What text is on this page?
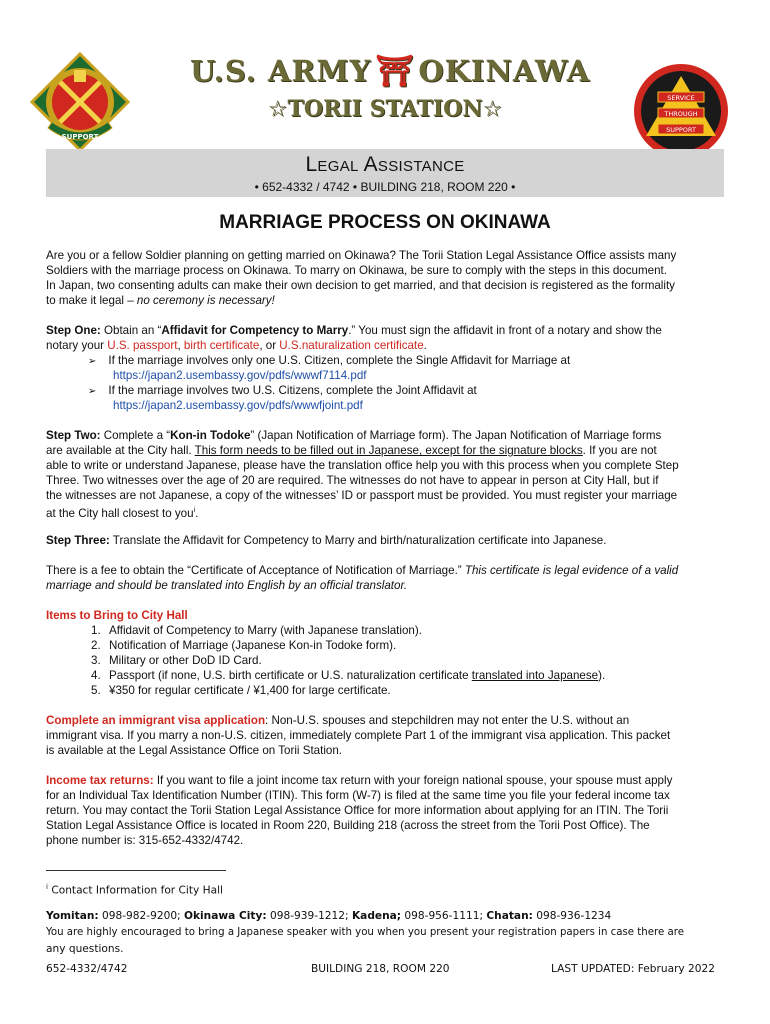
SUPPORT
SERVICE
THROUGH
SUPPORT
U.S. ARMY ⛩ OKINAWA
☆TORII STATION☆
Legal Assistance
• 652-4332 / 4742 • BUILDING 218, ROOM 220 •
MARRIAGE PROCESS ON OKINAWA
Are you or a fellow Soldier planning on getting married on Okinawa? The Torii Station Legal Assistance Office assists many
Soldiers with the marriage process on Okinawa. To marry on Okinawa, be sure to comply with the steps in this document.
In Japan, two consenting adults can make their own decision to get married, and that decision is registered as the formality
to make it legal – no ceremony is necessary!
Step One: Obtain an “Affidavit for Competency to Marry.” You must sign the affidavit in front of a notary and show the
notary your U.S. passport, birth certificate, or U.S.naturalization certificate.
➢ If the marriage involves only one U.S. Citizen, complete the Single Affidavit for Marriage at
https://japan2.usembassy.gov/pdfs/wwwf7114.pdf
➢ If the marriage involves two U.S. Citizens, complete the Joint Affidavit at
https://japan2.usembassy.gov/pdfs/wwwfjoint.pdf
Step Two: Complete a “Kon-in Todoke” (Japan Notification of Marriage form). The Japan Notification of Marriage forms
are available at the City hall. This form needs to be filled out in Japanese, except for the signature blocks. If you are not
able to write or understand Japanese, please have the translation office help you with this process when you complete Step
Three. Two witnesses over the age of 20 are required. The witnesses do not have to appear in person at City Hall, but if
the witnesses are not Japanese, a copy of the witnesses’ ID or passport must be provided. You must register your marriage
at the City hall closest to you$^i$.
Step Three: Translate the Affidavit for Competency to Marry and birth/naturalization certificate into Japanese.
There is a fee to obtain the “Certificate of Acceptance of Notification of Marriage.” This certificate is legal evidence of a valid
marriage and should be translated into English by an official translator.
Items to Bring to City Hall
1. Affidavit of Competency to Marry (with Japanese translation).
2. Notification of Marriage (Japanese Kon-in Todoke form).
3. Military or other DoD ID Card.
4. Passport (if none, U.S. birth certificate or U.S. naturalization certificate translated into Japanese).
5. ¥350 for regular certificate / ¥1,400 for large certificate.
Complete an immigrant visa application: Non-U.S. spouses and stepchildren may not enter the U.S. without an
immigrant visa. If you marry a non-U.S. citizen, immediately complete Part 1 of the immigrant visa application. This packet
is available at the Legal Assistance Office on Torii Station.
Income tax returns: If you want to file a joint income tax return with your foreign national spouse, your spouse must apply
for an Individual Tax Identification Number (ITIN). This form (W-7) is filed at the same time you file your federal income tax
return. You may contact the Torii Station Legal Assistance Office for more information about applying for an ITIN. The Torii
Station Legal Assistance Office is located in Room 220, Building 218 (across the street from the Torii Post Office). The
phone number is: 315-652-4332/4742.
$^i$ Contact Information for City Hall
Yomitan: 098-982-9200; Okinawa City: 098-939-1212; Kadena; 098-956-1111; Chatan: 098-936-1234
You are highly encouraged to bring a Japanese speaker with you when you present your registration papers in case there are
any questions.
652-4332/4742	BUILDING 218, ROOM 220	LAST UPDATED: February 2022
